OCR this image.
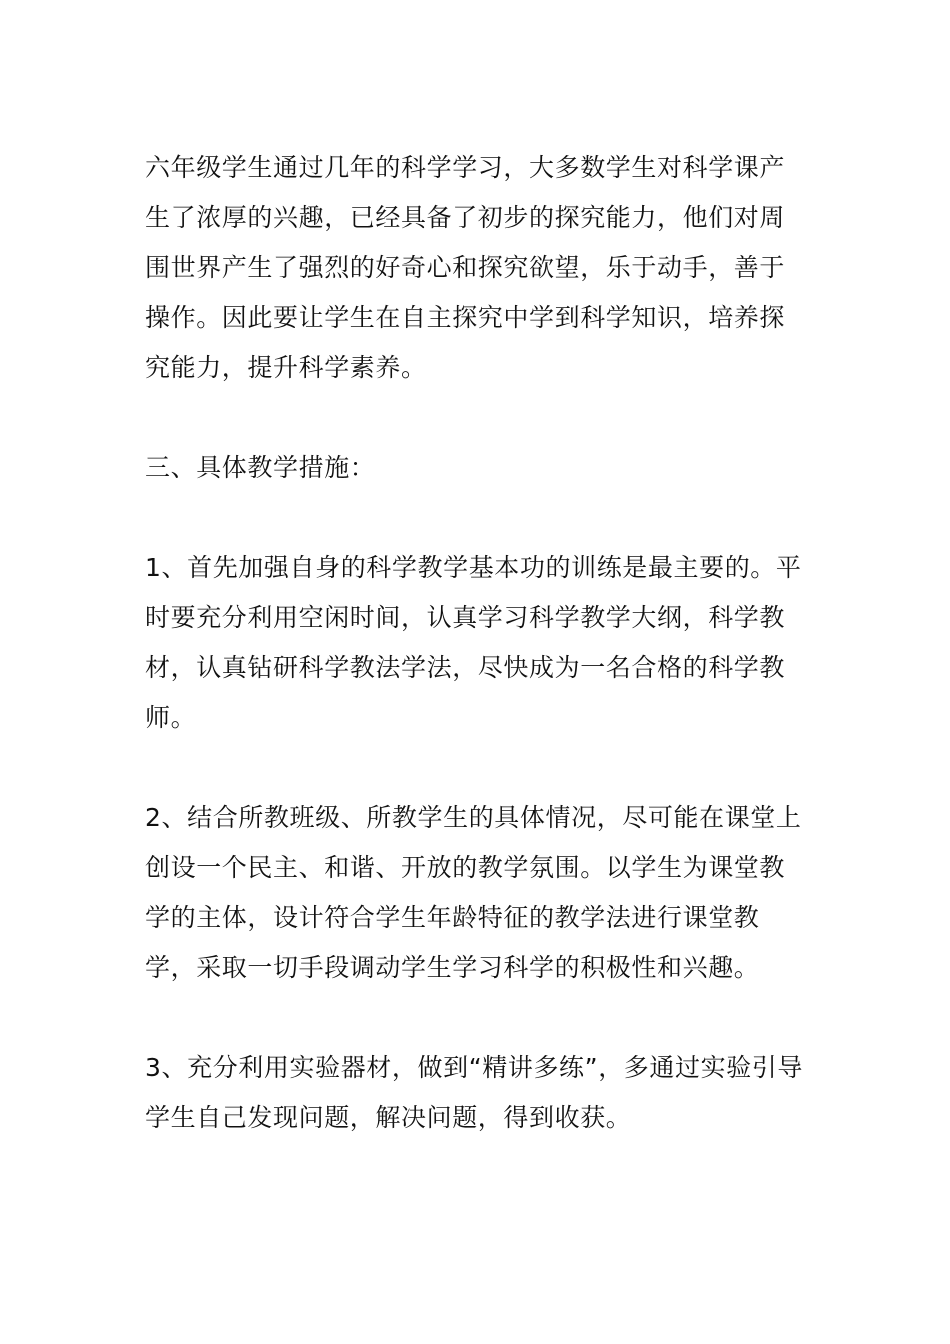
六年级学生通过几年的科学学习，大多数学生对科学课产
生了浓厚的兴趣，已经具备了初步的探究能力，他们对周
围世界产生了强烈的好奇心和探究欲望，乐于动手，善于
操作。因此要让学生在自主探究中学到科学知识，培养探
究能力，提升科学素养。

三、具体教学措施：

1、首先加强自身的科学教学基本功的训练是最主要的。平
时要充分利用空闲时间，认真学习科学教学大纲，科学教
材，认真钻研科学教法学法，尽快成为一名合格的科学教
师。

2、结合所教班级、所教学生的具体情况，尽可能在课堂上
创设一个民主、和谐、开放的教学氛围。以学生为课堂教
学的主体，设计符合学生年龄特征的教学法进行课堂教
学，采取一切手段调动学生学习科学的积极性和兴趣。

3、充分利用实验器材，做到“精讲多练”，多通过实验引导
学生自己发现问题，解决问题，得到收获。
